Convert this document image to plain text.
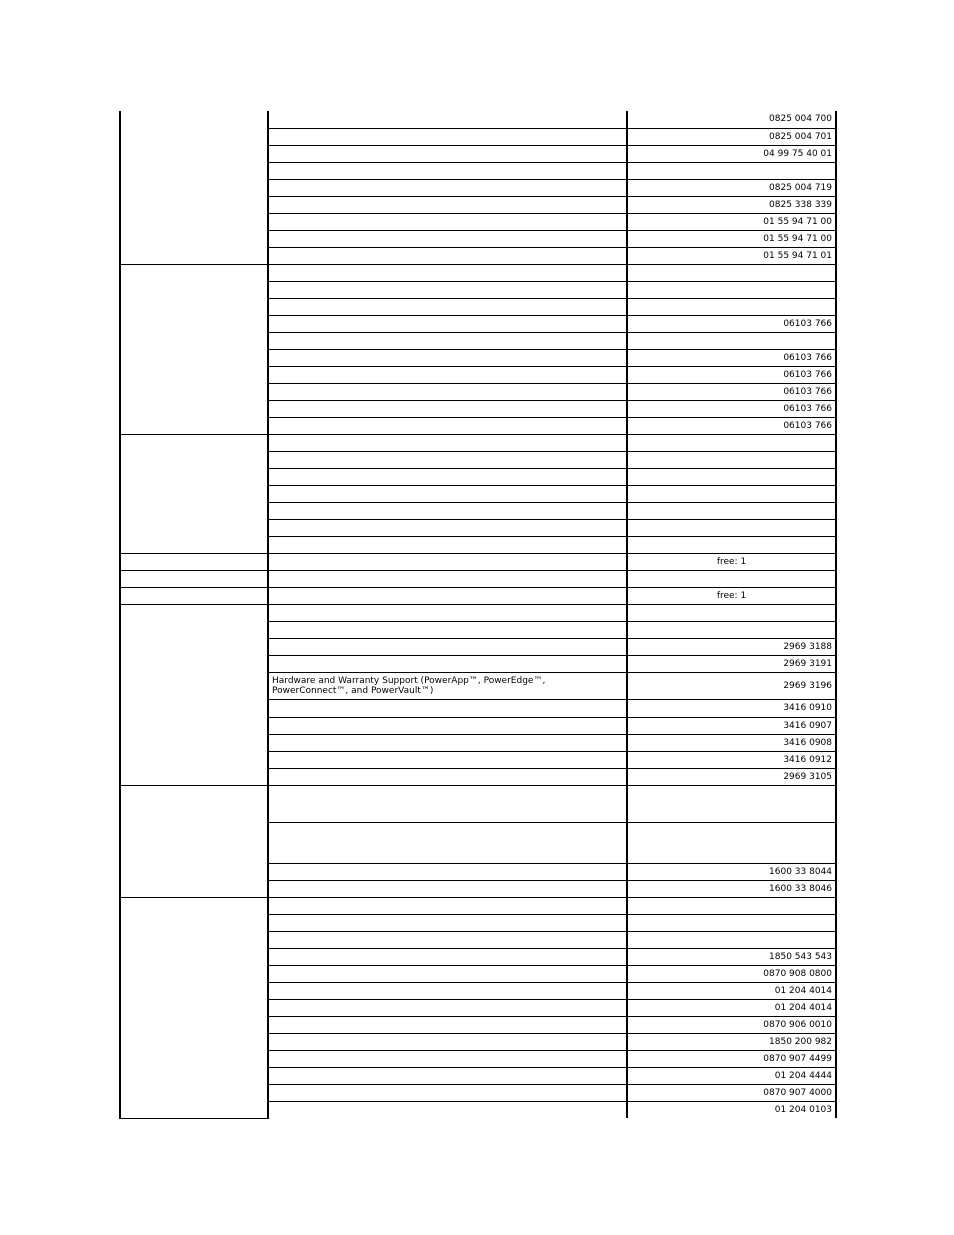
		0825 004 700
		0825 004 701
		04 99 75 40 01

		0825 004 719
		0825 338 339
		01 55 94 71 00
		01 55 94 71 00
		01 55 94 71 01

		06103 766

		06103 766
		06103 766
		06103 766
		06103 766
		06103 766

		free: 1

		free: 1

		2969 3188
		2969 3191
	Hardware and Warranty Support (PowerApp™, PowerEdge™, PowerConnect™, and PowerVault™)	2969 3196
		3416 0910
		3416 0907
		3416 0908
		3416 0912
		2969 3105

		1600 33 8044
		1600 33 8046

		1850 543 543
		0870 908 0800
		01 204 4014
		01 204 4014
		0870 906 0010
		1850 200 982
		0870 907 4499
		01 204 4444
		0870 907 4000
		01 204 0103
